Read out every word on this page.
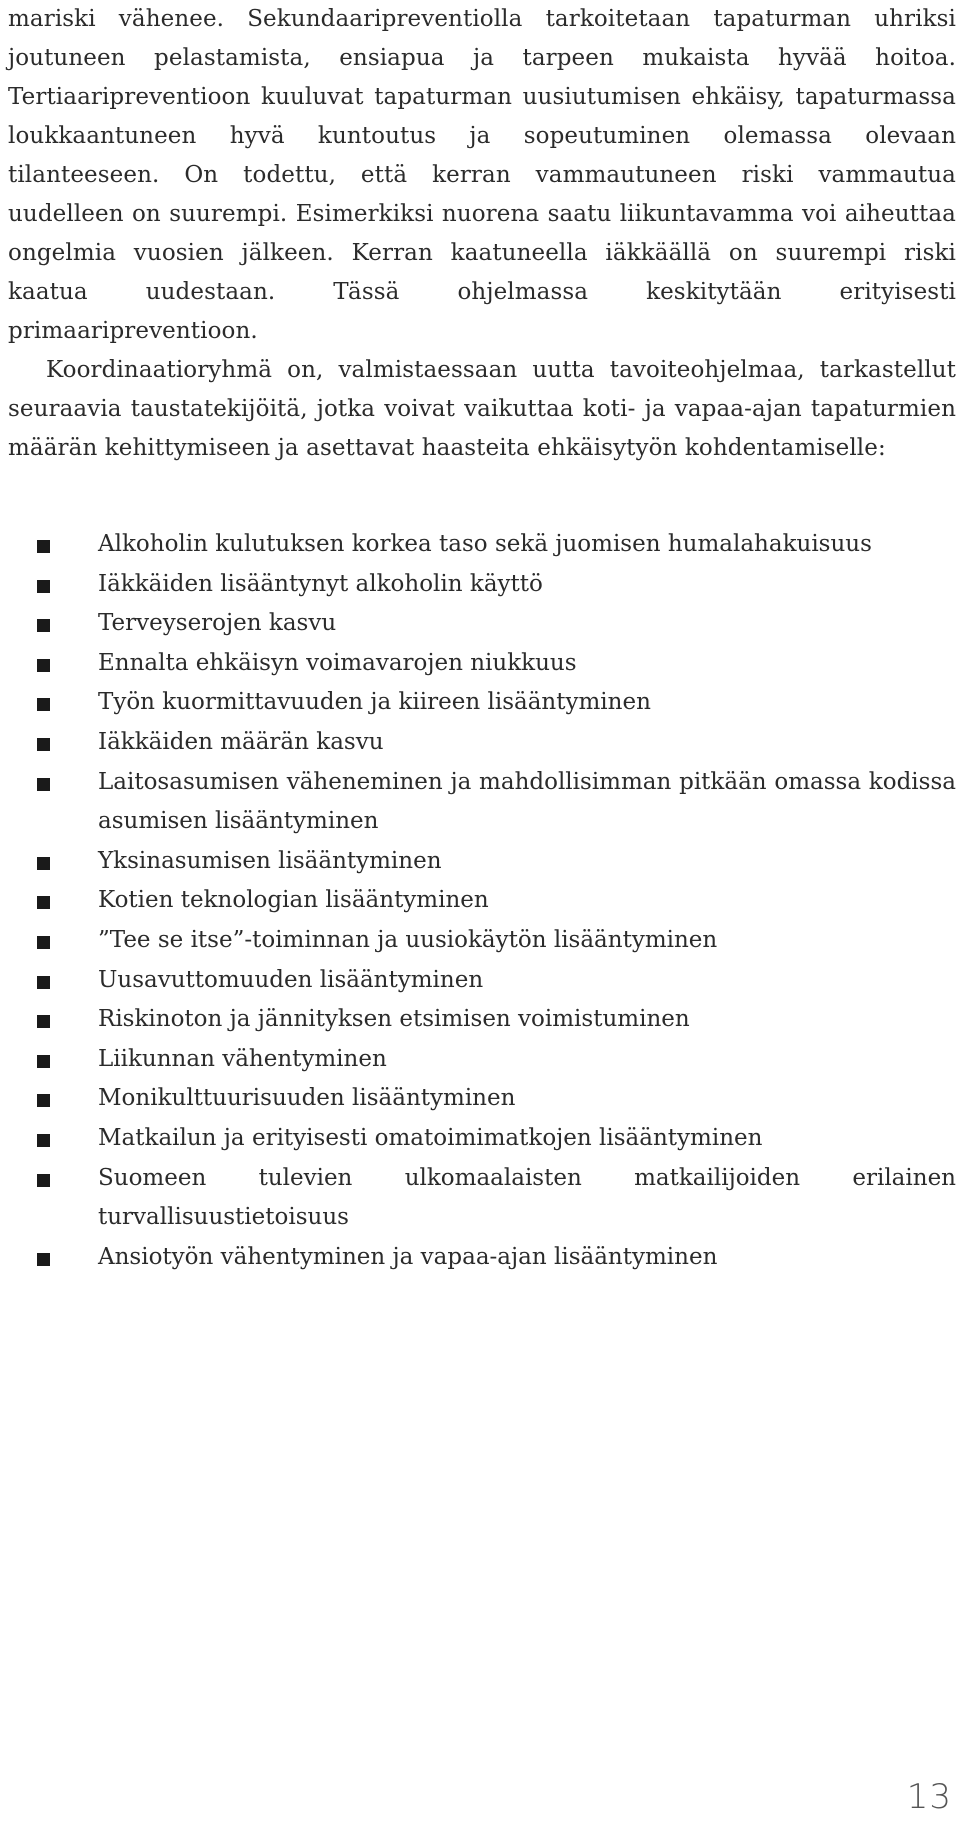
mariski vähenee. Sekundaaripreventiolla tarkoitetaan tapaturman uhriksi joutuneen pelastamista, ensiapua ja tarpeen mukaista hyvää hoitoa. Tertiaaripreventioon kuuluvat tapaturman uusiutumisen ehkäisy, tapaturmassa loukkaantuneen hyvä kuntoutus ja sopeutuminen olemassa olevaan tilanteeseen. On todettu, että kerran vammautuneen riski vammautua uudelleen on suurempi. Esimerkiksi nuorena saatu liikuntavamma voi aiheuttaa ongelmia vuosien jälkeen. Kerran kaatuneella iäkkäällä on suurempi riski kaatua uudestaan. Tässä ohjelmassa keskitytään erityisesti primaaripreventioon.

Koordinaatioryhmä on, valmistaessaan uutta tavoiteohjelmaa, tarkastellut seuraavia taustatekijöitä, jotka voivat vaikuttaa koti- ja vapaa-ajan tapaturmien määrän kehittymiseen ja asettavat haasteita ehkäisytyön kohdentamiselle:

Alkoholin kulutuksen korkea taso sekä juomisen humalahakuisuus
Iäkkäiden lisääntynyt alkoholin käyttö
Terveyserojen kasvu
Ennalta ehkäisyn voimavarojen niukkuus
Työn kuormittavuuden ja kiireen lisääntyminen
Iäkkäiden määrän kasvu
Laitosasumisen väheneminen ja mahdollisimman pitkään omassa kodissa asumisen lisääntyminen
Yksinasumisen lisääntyminen
Kotien teknologian lisääntyminen
”Tee se itse”-toiminnan ja uusiokäytön lisääntyminen
Uusavuttomuuden lisääntyminen
Riskinoton ja jännityksen etsimisen voimistuminen
Liikunnan vähentyminen
Monikulttuurisuuden lisääntyminen
Matkailun ja erityisesti omatoimimatkojen lisääntyminen
Suomeen tulevien ulkomaalaisten matkailijoiden erilainen turvallisuustietoisuus
Ansiotyön vähentyminen ja vapaa-ajan lisääntyminen
13
